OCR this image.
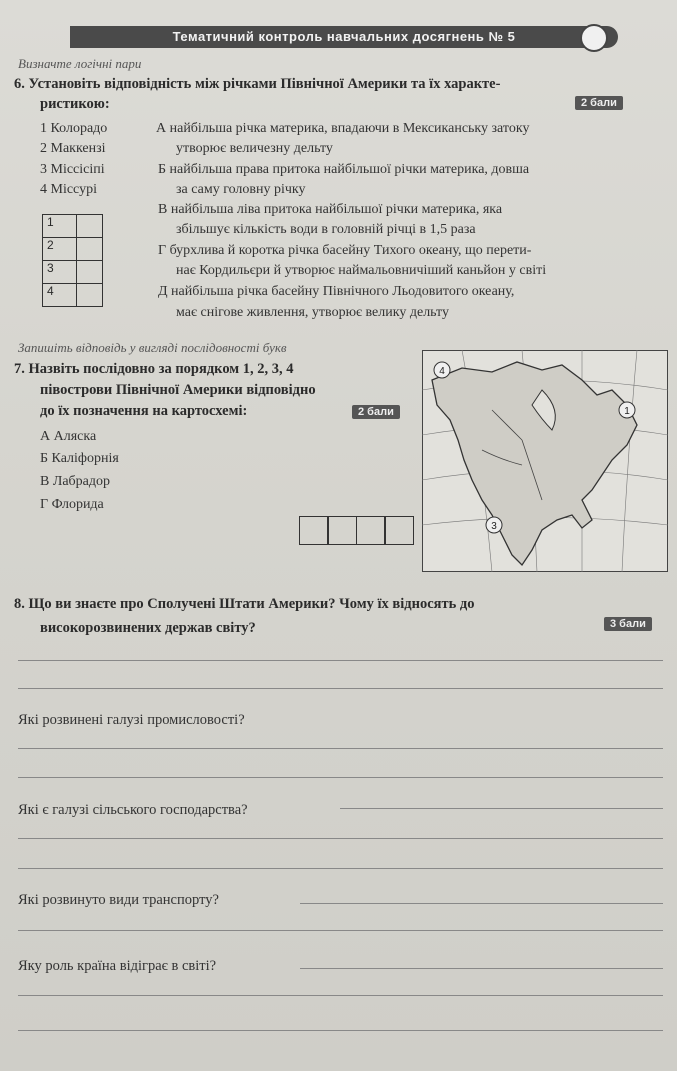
Тематичний контроль навчальних досягнень № 5
Визначте логічні пари
6. Установіть відповідність між річками Північної Америки та їх характе-
ристикою:	2 бали
1 Колорадо
2 Маккензі
3 Міссісіпі
4 Міссурі
А найбільша річка материка, впадаючи в Мексиканську затоку
утворює величезну дельту
Б найбільша права притока найбільшої річки материка, довша
за саму головну річку
В найбільша ліва притока найбільшої річки материка, яка
збільшує кількість води в головній річці в 1,5 раза
Г бурхлива й коротка річка басейну Тихого океану, що перети-
нає Кордильєри й утворює наймальовничіший каньйон у світі
Д найбільша річка басейну Північного Льодовитого океану,
має снігове живлення, утворює велику дельту
1	
2	
3	
4	
Запишіть відповідь у вигляді послідовності букв
7. Назвіть послідовно за порядком 1, 2, 3, 4
півострови Північної Америки відповідно
до їх позначення на картосхемі:	2 бали
А Аляска
Б Каліфорнія
В Лабрадор
Г Флорида
4
1
3
8. Що ви знаєте про Сполучені Штати Америки? Чому їх відносять до
високорозвинених держав світу?	3 бали
Які розвинені галузі промисловості?
Які є галузі сільського господарства?
Які розвинуто види транспорту?
Яку роль країна відіграє в світі?
